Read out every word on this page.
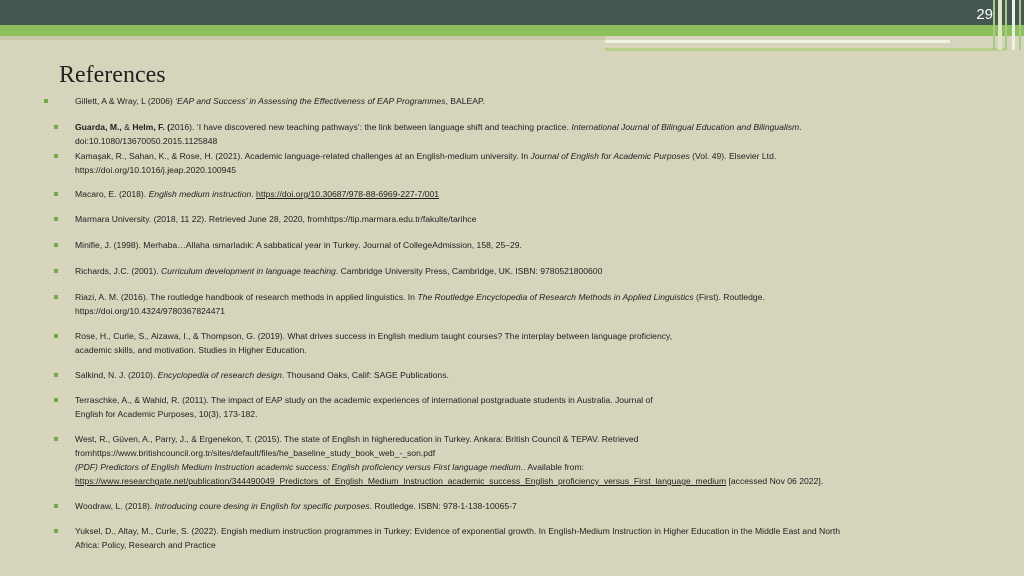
29
References
Gillett, A & Wray, L (2006) ‘EAP and Success’ in Assessing the Effectiveness of EAP Programmes, BALEAP.
Guarda, M., & Helm, F. (2016). ‘I have discovered new teaching pathways’: the link between language shift and teaching practice. International Journal of Bilingual Education and Bilingualism.
doi:10.1080/13670050.2015.1125848
Kamaşak, R., Sahan, K., & Rose, H. (2021). Academic language-related challenges at an English-medium university. In Journal of English for Academic Purposes (Vol. 49). Elsevier Ltd.
https://doi.org/10.1016/j.jeap.2020.100945
Macaro, E. (2018). English medium instruction. https://doi.org/10.30687/978-88-6969-227-7/001
Marmara University. (2018, 11 22). Retrieved June 28, 2020, fromhttps://tip.marmara.edu.tr/fakulte/tarihce
Minifie, J. (1998). Merhaba…Allaha ısmarladık: A sabbatical year in Turkey. Journal of CollegeAdmission, 158, 25–29.
Richards, J.C. (2001). Curriculum development in language teaching. Cambridge University Press, Cambridge, UK. ISBN: 9780521800600
Riazi, A. M. (2016). The routledge handbook of research methods in applied linguistics. In The Routledge Encyclopedia of Research Methods in Applied Linguistics (First). Routledge.
https://doi.org/10.4324/9780367824471
Rose, H., Curle, S., Aizawa, I., & Thompson, G. (2019). What drives success in English medium taught courses? The interplay between language proficiency,
academic skills, and motivation. Studies in Higher Education.
Salkind, N. J. (2010). Encyclopedia of research design. Thousand Oaks, Calif: SAGE Publications.
Terraschke, A., & Wahid, R. (2011). The impact of EAP study on the academic experiences of international postgraduate students in Australia. Journal of
English for Academic Purposes, 10(3), 173-182.
West, R., Güven, A., Parry, J., & Ergenekon, T. (2015). The state of English in highereducation in Turkey. Ankara: British Council & TEPAV. Retrieved
fromhttps://www.britishcouncil.org.tr/sites/default/files/he_baseline_study_book_web_-_son.pdf
(PDF) Predictors of English Medium Instruction academic success: English proficiency versus First language medium.. Available from:
https://www.researchgate.net/publication/344490049_Predictors_of_English_Medium_Instruction_academic_success_English_proficiency_versus_First_language_medium [accessed Nov 06 2022].
Woodraw, L. (2018). Introducing coure desing in English for specific purposes. Routledge. ISBN: 978-1-138-10065-7
Yuksel, D., Altay, M., Curle, S. (2022). Engish medium instruction programmes in Turkey: Evidence of exponential growth. In English-Medium Instruction in Higher Education in the Middle East and North
Africa: Policy, Research and Practice
